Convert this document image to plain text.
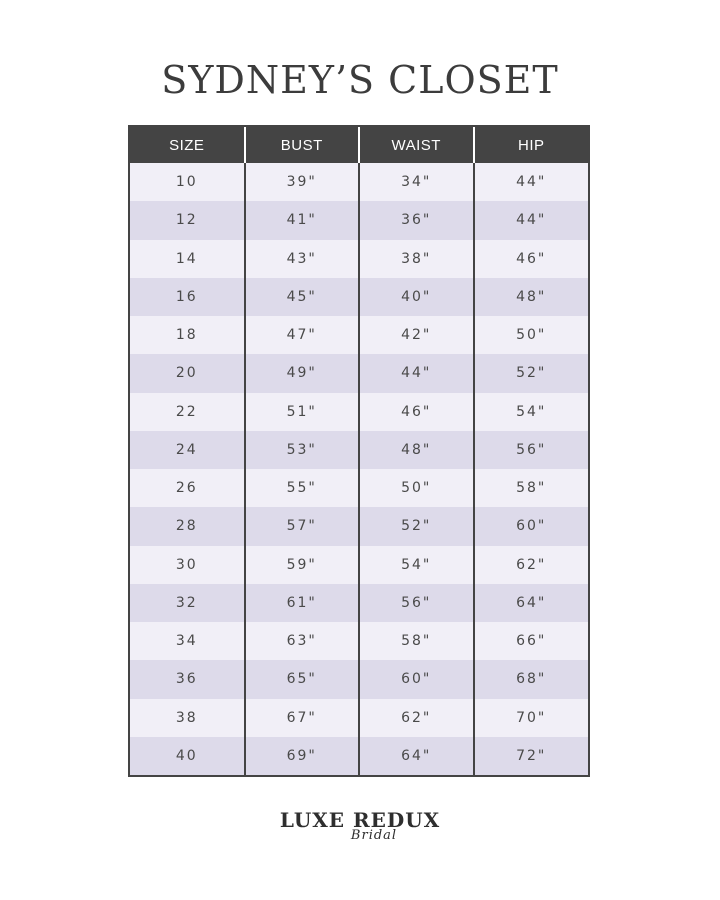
SYDNEY’S CLOSET
SIZE	BUST	WAIST	HIP
10	39"	34"	44"
12	41"	36"	44"
14	43"	38"	46"
16	45"	40"	48"
18	47"	42"	50"
20	49"	44"	52"
22	51"	46"	54"
24	53"	48"	56"
26	55"	50"	58"
28	57"	52"	60"
30	59"	54"	62"
32	61"	56"	64"
34	63"	58"	66"
36	65"	60"	68"
38	67"	62"	70"
40	69"	64"	72"
LUXE REDUX
Bridal
